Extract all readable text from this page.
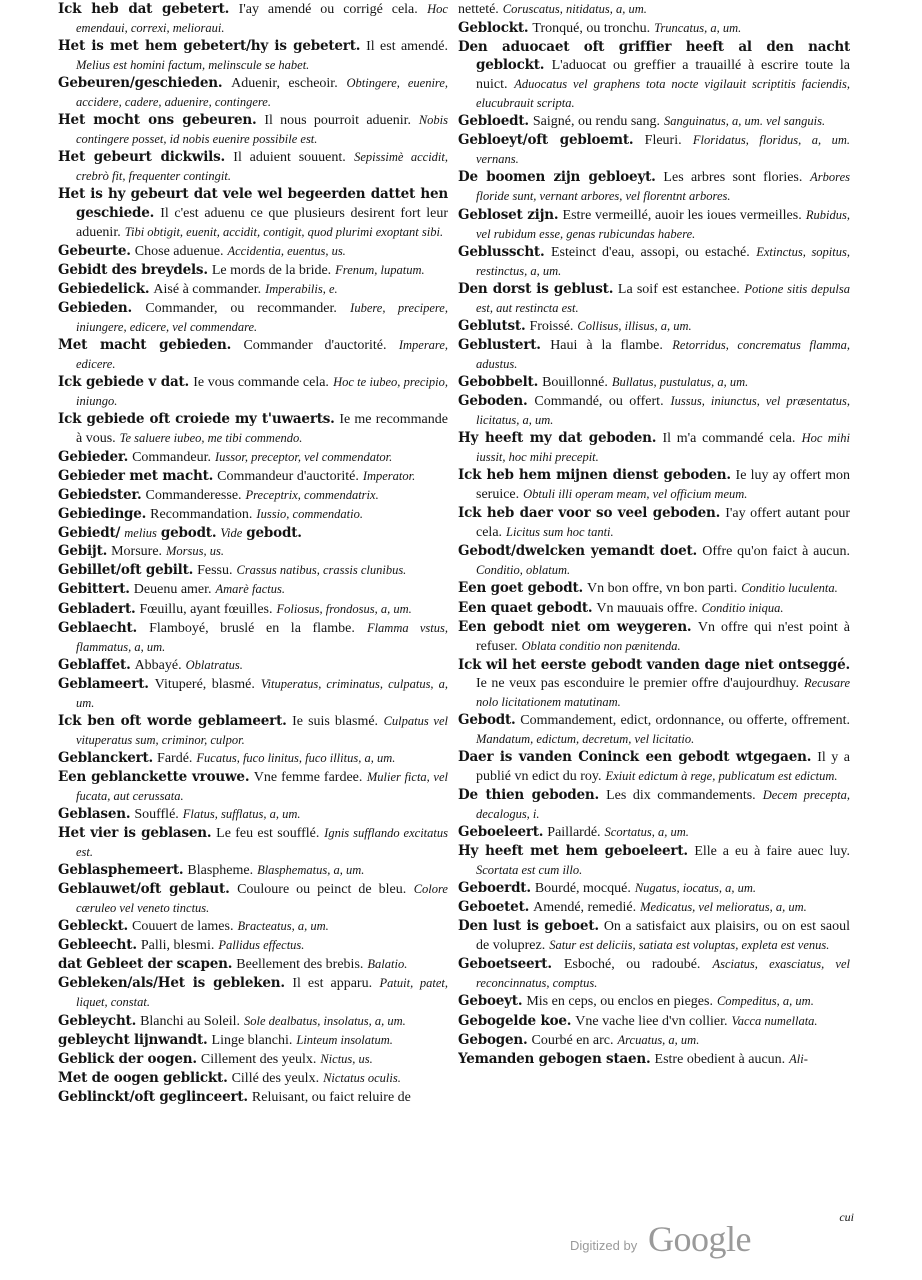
Ick heb dat gebetert. I'ay amendé ou corrigé cela. Hoc emendaui, correxi, melioraui.

Het is met hem gebetert/hy is gebetert. Il est amendé. Melius est homini factum, melinscule se habet.

Gebeuren/geschieden. Aduenir, escheoir. Obtingere, euenire, accidere, cadere, aduenire, contingere.

Het mocht ons gebeuren. Il nous pourroit aduenir. Nobis contingere posset, id nobis euenire possibile est.

Het gebeurt dickwils. Il aduient souuent. Sepissimè accidit, crebrò fit, frequenter contingit.

Het is hy gebeurt dat vele wel begeerden dattet hen geschiede. Il c'est aduenu ce que plusieurs desirent fort leur aduenir. Tibi obtigit, euenit, accidit, contigit, quod plurimi exoptant sibi.

Gebeurte. Chose aduenue. Accidentia, euentus, us.

Gebidt des breydels. Le mords de la bride. Frenum, lupatum.

Gebiedelick. Aisé à commander. Imperabilis, e.

Gebieden. Commander, ou recommander. Iubere, precipere, iniungere, edicere, vel commendare.

Met macht gebieden. Commander d'auctorité. Imperare, edicere.

Ick gebiede v dat. Ie vous commande cela. Hoc te iubeo, precipio, iniungo.

Ick gebiede oft croiede my t'uwaerts. Ie me recommande à vous. Te saluere iubeo, me tibi commendo.

Gebieder. Commandeur. Iussor, preceptor, vel commendator.

Gebieder met macht. Commandeur d'auctorité. Imperator.

Gebiedster. Commanderesse. Preceptrix, commendatrix.

Gebiedinge. Recommandation. Iussio, commendatio.

Gebiedt/ melius gebodt. Vide gebodt.

Gebijt. Morsure. Morsus, us.

Gebillet/oft gebilt. Fessu. Crassus natibus, crassis clunibus.

Gebittert. Deuenu amer. Amarè factus.

Gebladert. Fœuillu, ayant fœuilles. Foliosus, frondosus, a, um.

Geblaecht. Flamboyé, bruslé en la flambe. Flamma vstus, flammatus, a, um.

Geblaffet. Abbayé. Oblatratus.

Geblameert. Vituperé, blasmé. Vituperatus, criminatus, culpatus, a, um.

Ick ben oft worde geblameert. Ie suis blasmé. Culpatus vel vituperatus sum, criminor, culpor.

Geblanckert. Fardé. Fucatus, fuco linitus, fuco illitus, a, um.

Een geblanckette vrouwe. Vne femme fardee. Mulier ficta, vel fucata, aut cerussata.

Geblasen. Soufflé. Flatus, sufflatus, a, um.

Het vier is geblasen. Le feu est soufflé. Ignis sufflando excitatus est.

Geblasphemeert. Blaspheme. Blasphematus, a, um.

Geblauwet/oft geblaut. Couloure ou peinct de bleu. Colore cæruleo vel veneto tinctus.

Gebleckt. Couuert de lames. Bracteatus, a, um.

Gebleecht. Palli, blesmi. Pallidus effectus.

dat Gebleet der scapen. Beellement des brebis. Balatio.

Gebleken/als/Het is gebleken. Il est apparu. Patuit, patet, liquet, constat.

Gebleycht. Blanchi au Soleil. Sole dealbatus, insolatus, a, um.

gebleycht lijnwandt. Linge blanchi. Linteum insolatum.

Geblick der oogen. Cillement des yeulx. Nictus, us.

Met de oogen geblickt. Cillé des yeulx. Nictatus oculis.

Geblinckt/oft geglinceert. Reluisant, ou faict reluire de

netteté. Coruscatus, nitidatus, a, um.

Geblockt. Tronqué, ou tronchu. Truncatus, a, um.

Den aduocaet oft griffier heeft al den nacht geblockt. L'aduocat ou greffier a trauaillé à escrire toute la nuict. Aduocatus vel graphens tota nocte vigilauit scriptitis faciendis, elucubrauit scripta.

Gebloedt. Saigné, ou rendu sang. Sanguinatus, a, um. vel sanguis.

Gebloeyt/oft gebloemt. Fleuri. Floridatus, floridus, a, um. vernans.

De boomen zijn gebloeyt. Les arbres sont flories. Arbores floride sunt, vernant arbores, vel florentnt arbores.

Gebloset zijn. Estre vermeillé, auoir les ioues vermeilles. Rubidus, vel rubidum esse, genas rubicundas habere.

Geblusscht. Esteinct d'eau, assopi, ou estaché. Extinctus, sopitus, restinctus, a, um.

Den dorst is geblust. La soif est estanchee. Potione sitis depulsa est, aut restincta est.

Geblutst. Froissé. Collisus, illisus, a, um.

Geblustert. Haui à la flambe. Retorridus, concrematus flamma, adustus.

Gebobbelt. Bouillonné. Bullatus, pustulatus, a, um.

Geboden. Commandé, ou offert. Iussus, iniunctus, vel præsentatus, licitatus, a, um.

Hy heeft my dat geboden. Il m'a commandé cela. Hoc mihi iussit, hoc mihi precepit.

Ick heb hem mijnen dienst geboden. Ie luy ay offert mon seruice. Obtuli illi operam meam, vel officium meum.

Ick heb daer voor so veel geboden. I'ay offert autant pour cela. Licitus sum hoc tanti.

Gebodt/dwelcken yemandt doet. Offre qu'on faict à aucun. Conditio, oblatum.

Een goet gebodt. Vn bon offre, vn bon parti. Conditio luculenta.

Een quaet gebodt. Vn mauuais offre. Conditio iniqua.

Een gebodt niet om weygeren. Vn offre qui n'est point à refuser. Oblata conditio non pænitenda.

Ick wil het eerste gebodt vanden dage niet ontseggé. Ie ne veux pas esconduire le premier offre d'aujourdhuy. Recusare nolo licitationem matutinam.

Gebodt. Commandement, edict, ordonnance, ou offerte, offrement. Mandatum, edictum, decretum, vel licitatio.

Daer is vanden Coninck een gebodt wtgegaen. Il y a publié vn edict du roy. Exiuit edictum à rege, publicatum est edictum.

De thien geboden. Les dix commandements. Decem precepta, decalogus, i.

Geboeleert. Paillardé. Scortatus, a, um.

Hy heeft met hem geboeleert. Elle a eu à faire auec luy. Scortata est cum illo.

Geboerdt. Bourdé, mocqué. Nugatus, iocatus, a, um.

Geboetet. Amendé, remedié. Medicatus, vel melioratus, a, um.

Den lust is geboet. On a satisfaict aux plaisirs, ou on est saoul de voluprez. Satur est deliciis, satiata est voluptas, expleta est venus.

Geboetseert. Esboché, ou radoubé. Asciatus, exasciatus, vel reconcinnatus, comptus.

Geboeyt. Mis en ceps, ou enclos en pieges. Compeditus, a, um.

Gebogelde koe. Vne vache liee d'vn collier. Vacca numellata.

Gebogen. Courbé en arc. Arcuatus, a, um.

Yemanden gebogen staen. Estre obedient à aucun. Ali-

cui
Digitized by Google
